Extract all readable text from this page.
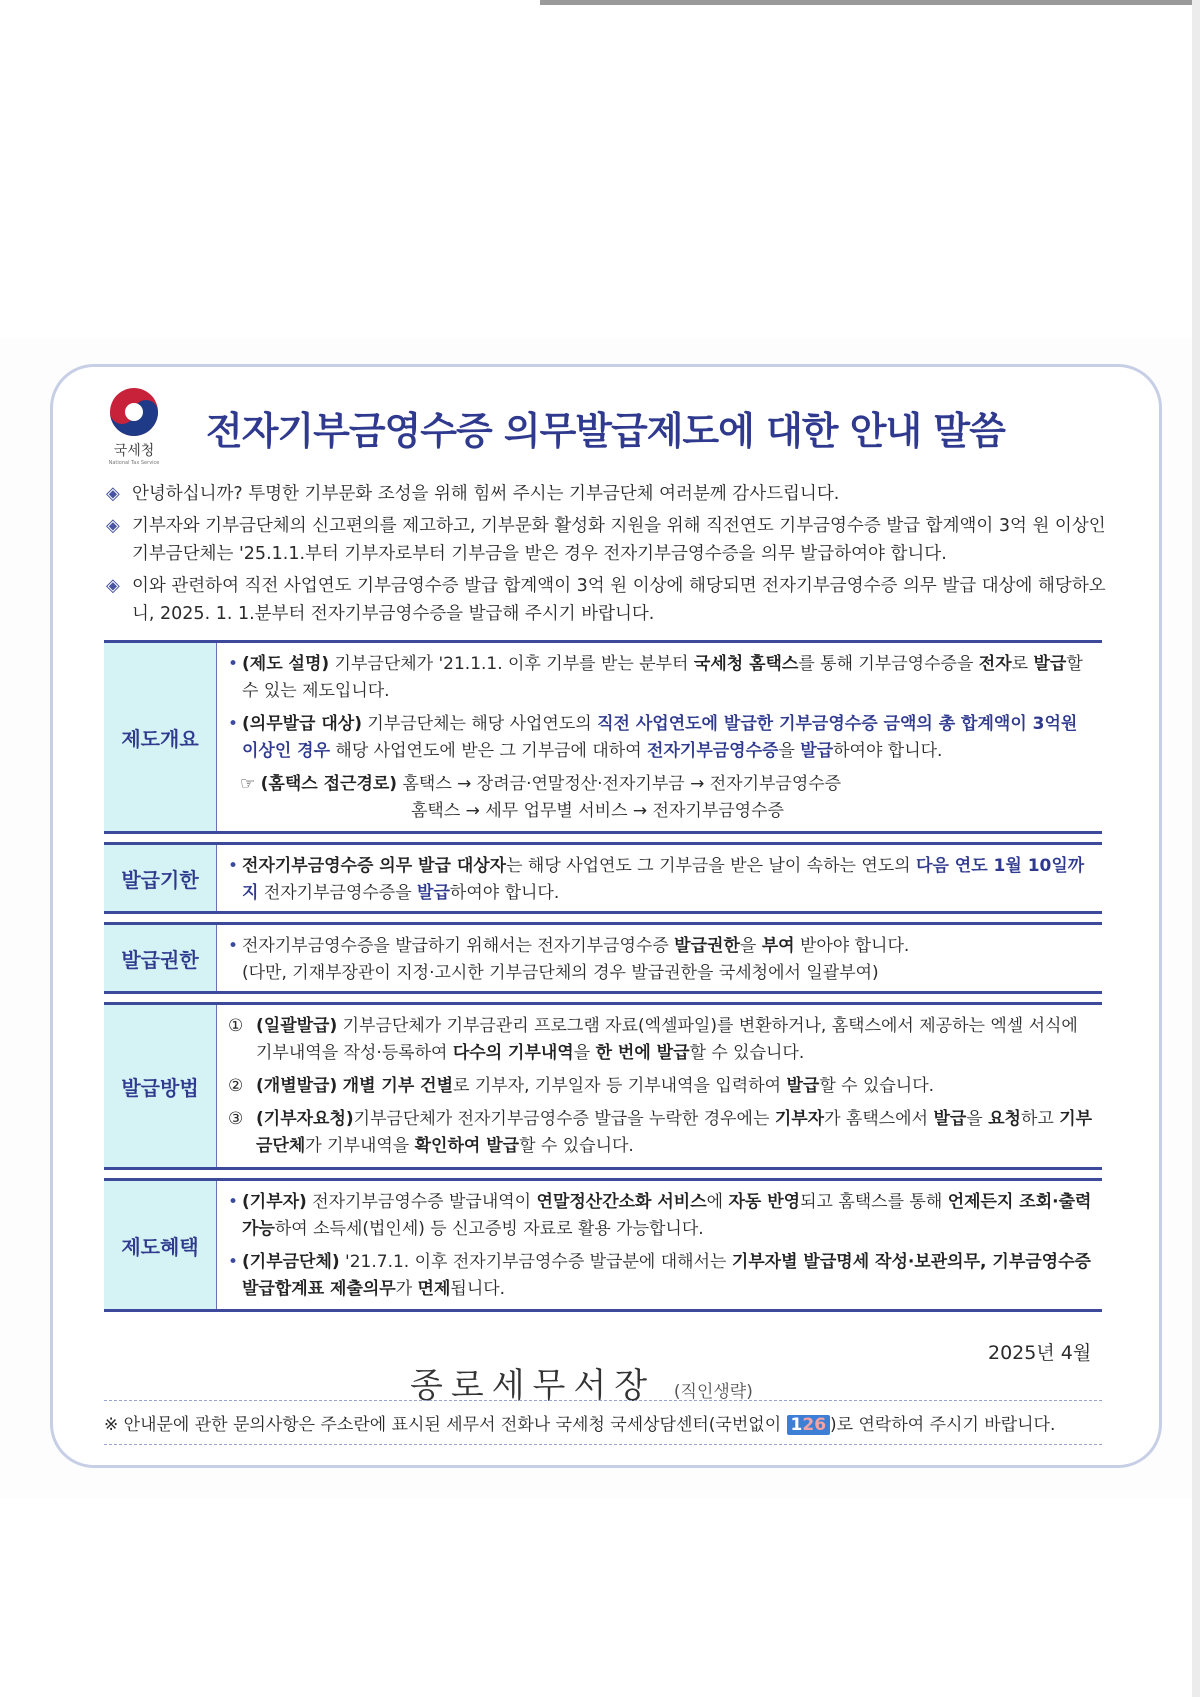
국세청
National Tax Service
전자기부금영수증 의무발급제도에 대한 안내 말씀
◈ 안녕하십니까? 투명한 기부문화 조성을 위해 힘써 주시는 기부금단체 여러분께 감사드립니다.
◈ 기부자와 기부금단체의 신고편의를 제고하고, 기부문화 활성화 지원을 위해 직전연도 기부금영수증 발급 합계액이 3억 원 이상인 기부금단체는 '25.1.1.부터 기부자로부터 기부금을 받은 경우 전자기부금영수증을 의무 발급하여야 합니다.
◈ 이와 관련하여 직전 사업연도 기부금영수증 발급 합계액이 3억 원 이상에 해당되면 전자기부금영수증 의무 발급 대상에 해당하오니, 2025. 1. 1.분부터 전자기부금영수증을 발급해 주시기 바랍니다.
제도개요
• (제도 설명) 기부금단체가 '21.1.1. 이후 기부를 받는 분부터 국세청 홈택스를 통해 기부금영수증을 전자로 발급할 수 있는 제도입니다.
• (의무발급 대상) 기부금단체는 해당 사업연도의 직전 사업연도에 발급한 기부금영수증 금액의 총 합계액이 3억원 이상인 경우 해당 사업연도에 받은 그 기부금에 대하여 전자기부금영수증을 발급하여야 합니다.
☞ (홈택스 접근경로) 홈택스 → 장려금·연말정산·전자기부금 → 전자기부금영수증
홈택스 → 세무 업무별 서비스 → 전자기부금영수증
발급기한
• 전자기부금영수증 의무 발급 대상자는 해당 사업연도 그 기부금을 받은 날이 속하는 연도의 다음 연도 1월 10일까지 전자기부금영수증을 발급하여야 합니다.
발급권한
• 전자기부금영수증을 발급하기 위해서는 전자기부금영수증 발급권한을 부여 받아야 합니다.
(다만, 기재부장관이 지정·고시한 기부금단체의 경우 발급권한을 국세청에서 일괄부여)
발급방법
① (일괄발급) 기부금단체가 기부금관리 프로그램 자료(엑셀파일)를 변환하거나, 홈택스에서 제공하는 엑셀 서식에 기부내역을 작성·등록하여 다수의 기부내역을 한 번에 발급할 수 있습니다.
② (개별발급) 개별 기부 건별로 기부자, 기부일자 등 기부내역을 입력하여 발급할 수 있습니다.
③ (기부자요청)기부금단체가 전자기부금영수증 발급을 누락한 경우에는 기부자가 홈택스에서 발급을 요청하고 기부금단체가 기부내역을 확인하여 발급할 수 있습니다.
제도혜택
• (기부자) 전자기부금영수증 발급내역이 연말정산간소화 서비스에 자동 반영되고 홈택스를 통해 언제든지 조회·출력 가능하여 소득세(법인세) 등 신고증빙 자료로 활용 가능합니다.
• (기부금단체) '21.7.1. 이후 전자기부금영수증 발급분에 대해서는 기부자별 발급명세 작성·보관의무, 기부금영수증 발급합계표 제출의무가 면제됩니다.
2025년 4월
종로세무서장 (직인생략)
※ 안내문에 관한 문의사항은 주소란에 표시된 세무서 전화나 국세청 국세상담센터(국번없이 126 )로 연락하여 주시기 바랍니다.
